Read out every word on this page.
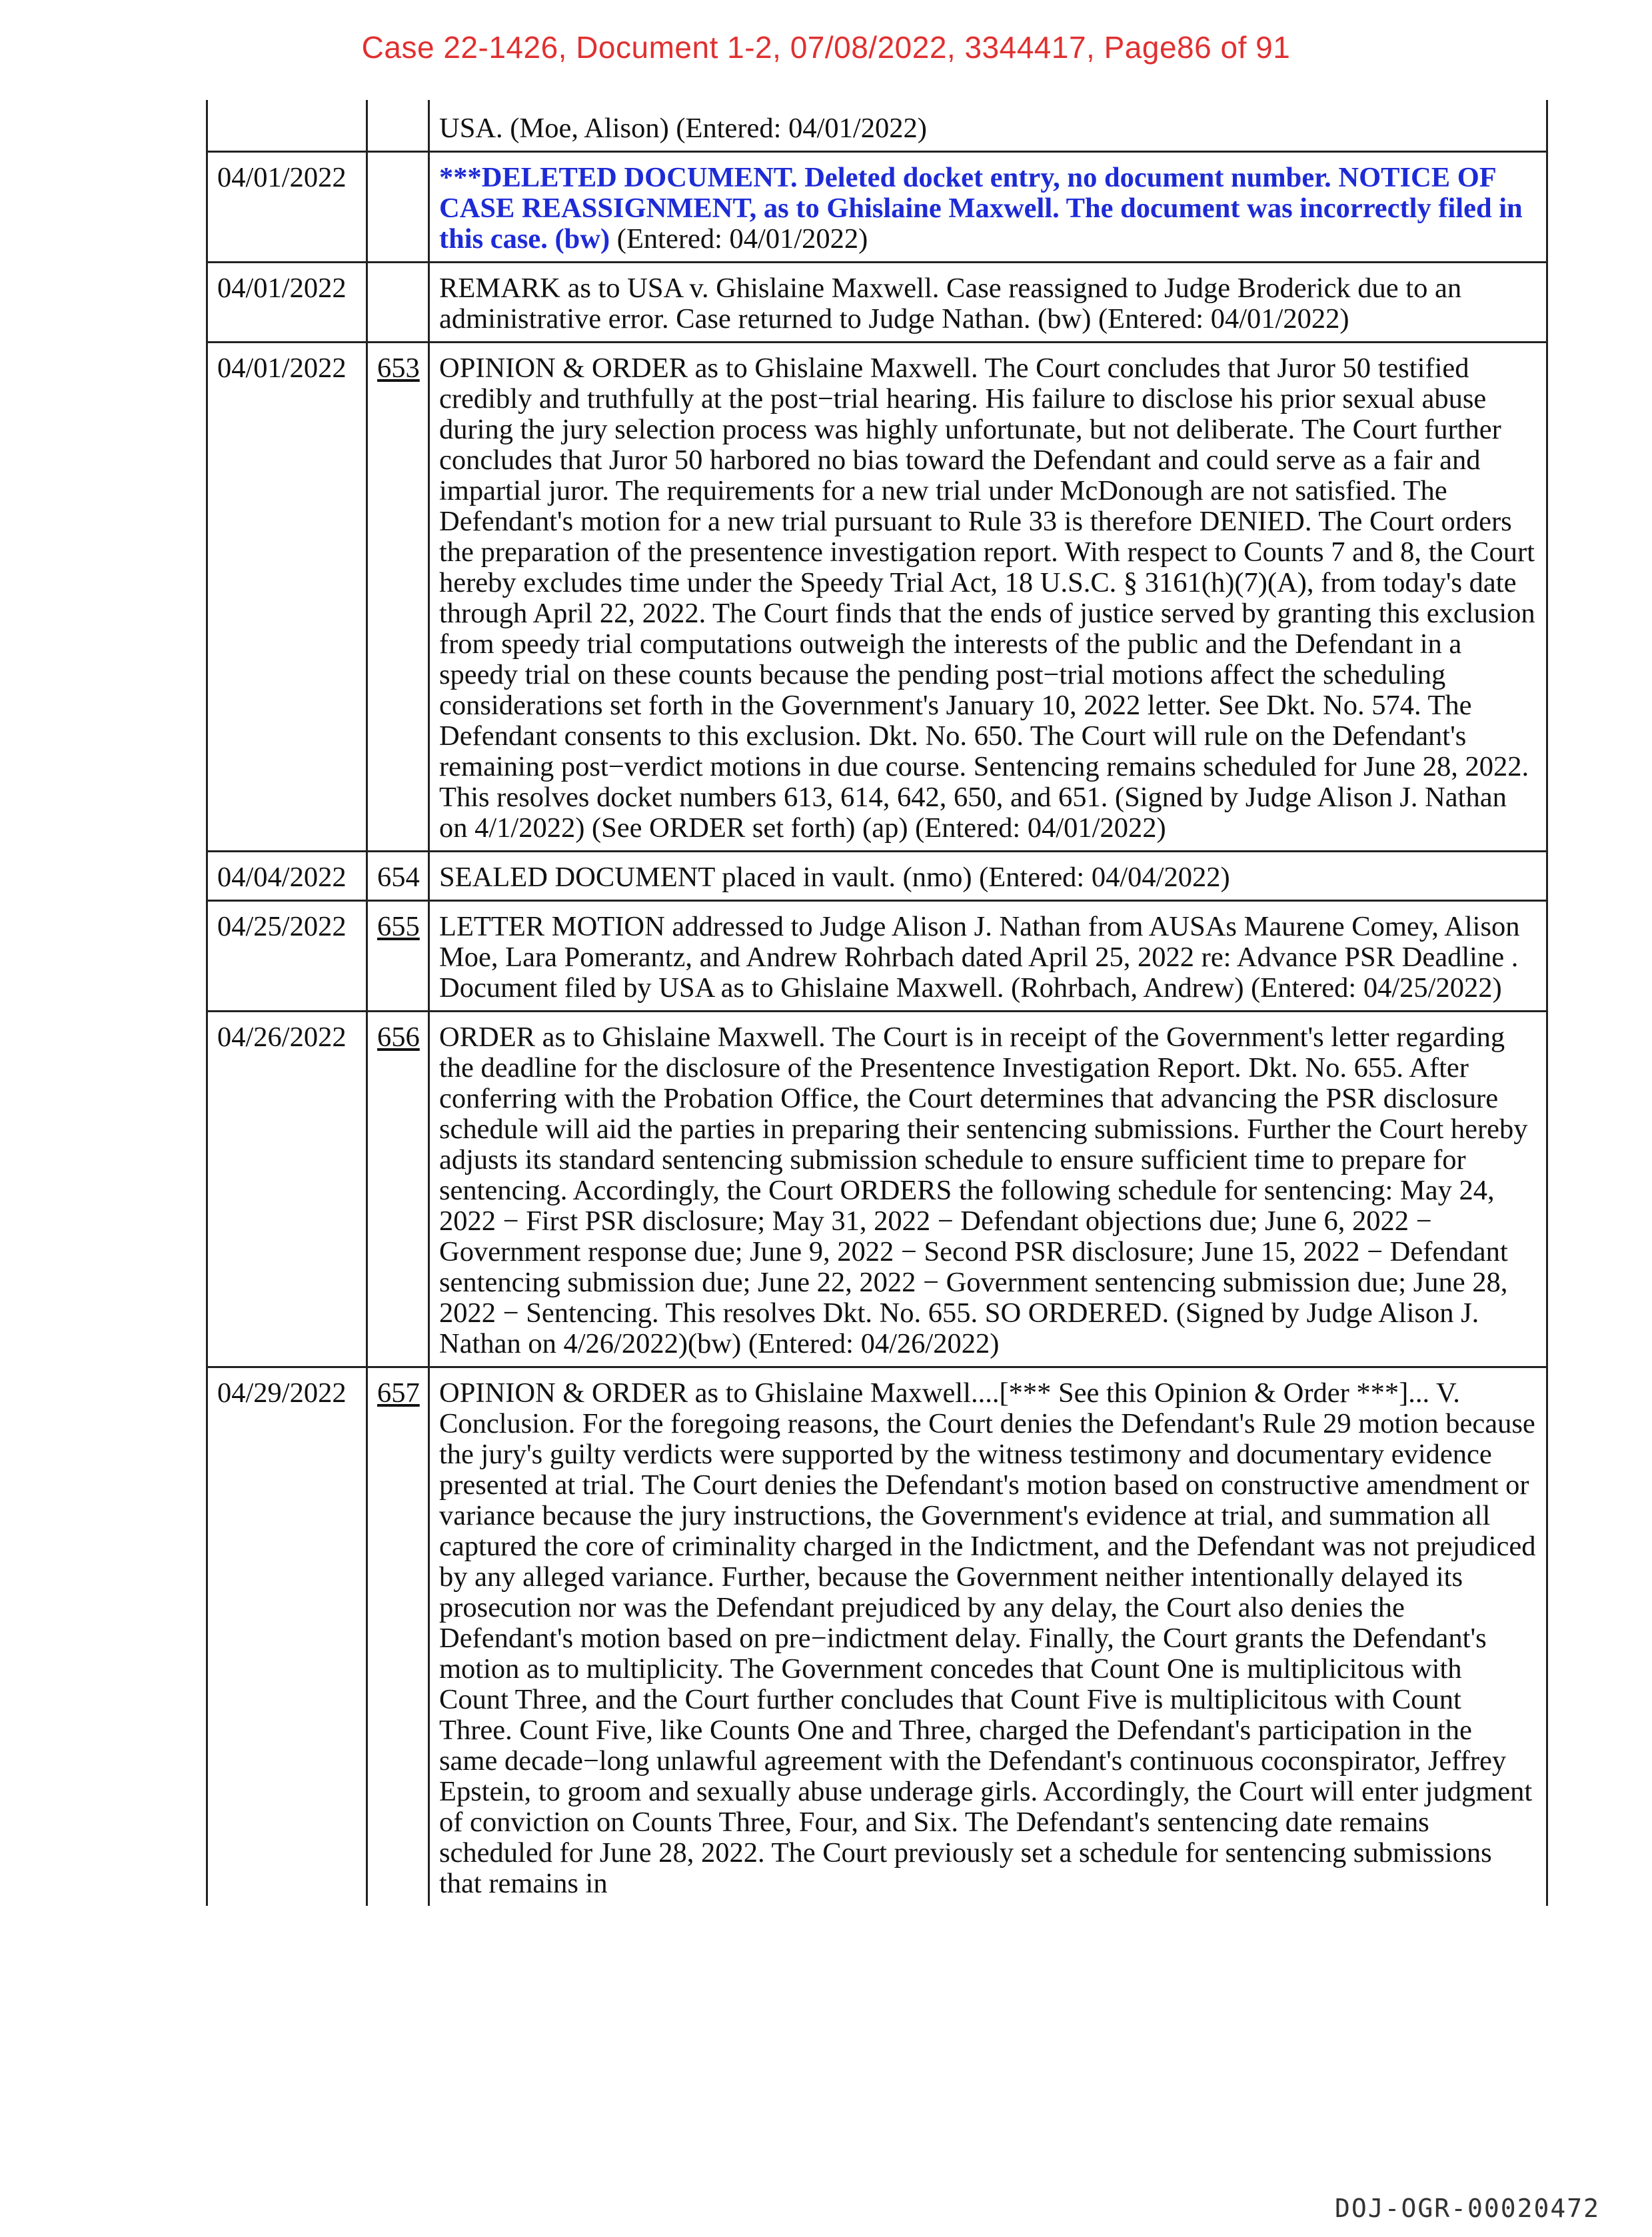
Case 22-1426, Document 1-2, 07/08/2022, 3344417, Page86 of 91
		USA. (Moe, Alison) (Entered: 04/01/2022)
04/01/2022		***DELETED DOCUMENT. Deleted docket entry, no document number. NOTICE OF CASE REASSIGNMENT, as to Ghislaine Maxwell. The document was incorrectly filed in this case. (bw) (Entered: 04/01/2022)
04/01/2022		REMARK as to USA v. Ghislaine Maxwell. Case reassigned to Judge Broderick due to an administrative error. Case returned to Judge Nathan. (bw) (Entered: 04/01/2022)
04/01/2022	653	OPINION & ORDER as to Ghislaine Maxwell. The Court concludes that Juror 50 testified credibly and truthfully at the post−trial hearing. His failure to disclose his prior sexual abuse during the jury selection process was highly unfortunate, but not deliberate. The Court further concludes that Juror 50 harbored no bias toward the Defendant and could serve as a fair and impartial juror. The requirements for a new trial under McDonough are not satisfied. The Defendant's motion for a new trial pursuant to Rule 33 is therefore DENIED. The Court orders the preparation of the presentence investigation report. With respect to Counts 7 and 8, the Court hereby excludes time under the Speedy Trial Act, 18 U.S.C. § 3161(h)(7)(A), from today's date through April 22, 2022. The Court finds that the ends of justice served by granting this exclusion from speedy trial computations outweigh the interests of the public and the Defendant in a speedy trial on these counts because the pending post−trial motions affect the scheduling considerations set forth in the Government's January 10, 2022 letter. See Dkt. No. 574. The Defendant consents to this exclusion. Dkt. No. 650. The Court will rule on the Defendant's remaining post−verdict motions in due course. Sentencing remains scheduled for June 28, 2022. This resolves docket numbers 613, 614, 642, 650, and 651. (Signed by Judge Alison J. Nathan on 4/1/2022) (See ORDER set forth) (ap) (Entered: 04/01/2022)
04/04/2022	654	SEALED DOCUMENT placed in vault. (nmo) (Entered: 04/04/2022)
04/25/2022	655	LETTER MOTION addressed to Judge Alison J. Nathan from AUSAs Maurene Comey, Alison Moe, Lara Pomerantz, and Andrew Rohrbach dated April 25, 2022 re: Advance PSR Deadline . Document filed by USA as to Ghislaine Maxwell. (Rohrbach, Andrew) (Entered: 04/25/2022)
04/26/2022	656	ORDER as to Ghislaine Maxwell. The Court is in receipt of the Government's letter regarding the deadline for the disclosure of the Presentence Investigation Report. Dkt. No. 655. After conferring with the Probation Office, the Court determines that advancing the PSR disclosure schedule will aid the parties in preparing their sentencing submissions. Further the Court hereby adjusts its standard sentencing submission schedule to ensure sufficient time to prepare for sentencing. Accordingly, the Court ORDERS the following schedule for sentencing: May 24, 2022 − First PSR disclosure; May 31, 2022 − Defendant objections due; June 6, 2022 − Government response due; June 9, 2022 − Second PSR disclosure; June 15, 2022 − Defendant sentencing submission due; June 22, 2022 − Government sentencing submission due; June 28, 2022 − Sentencing. This resolves Dkt. No. 655. SO ORDERED. (Signed by Judge Alison J. Nathan on 4/26/2022)(bw) (Entered: 04/26/2022)
04/29/2022	657	OPINION & ORDER as to Ghislaine Maxwell....[*** See this Opinion & Order ***]... V. Conclusion. For the foregoing reasons, the Court denies the Defendant's Rule 29 motion because the jury's guilty verdicts were supported by the witness testimony and documentary evidence presented at trial. The Court denies the Defendant's motion based on constructive amendment or variance because the jury instructions, the Government's evidence at trial, and summation all captured the core of criminality charged in the Indictment, and the Defendant was not prejudiced by any alleged variance. Further, because the Government neither intentionally delayed its prosecution nor was the Defendant prejudiced by any delay, the Court also denies the Defendant's motion based on pre−indictment delay. Finally, the Court grants the Defendant's motion as to multiplicity. The Government concedes that Count One is multiplicitous with Count Three, and the Court further concludes that Count Five is multiplicitous with Count Three. Count Five, like Counts One and Three, charged the Defendant's participation in the same decade−long unlawful agreement with the Defendant's continuous coconspirator, Jeffrey Epstein, to groom and sexually abuse underage girls. Accordingly, the Court will enter judgment of conviction on Counts Three, Four, and Six. The Defendant's sentencing date remains scheduled for June 28, 2022. The Court previously set a schedule for sentencing submissions that remains in
DOJ-OGR-00020472
